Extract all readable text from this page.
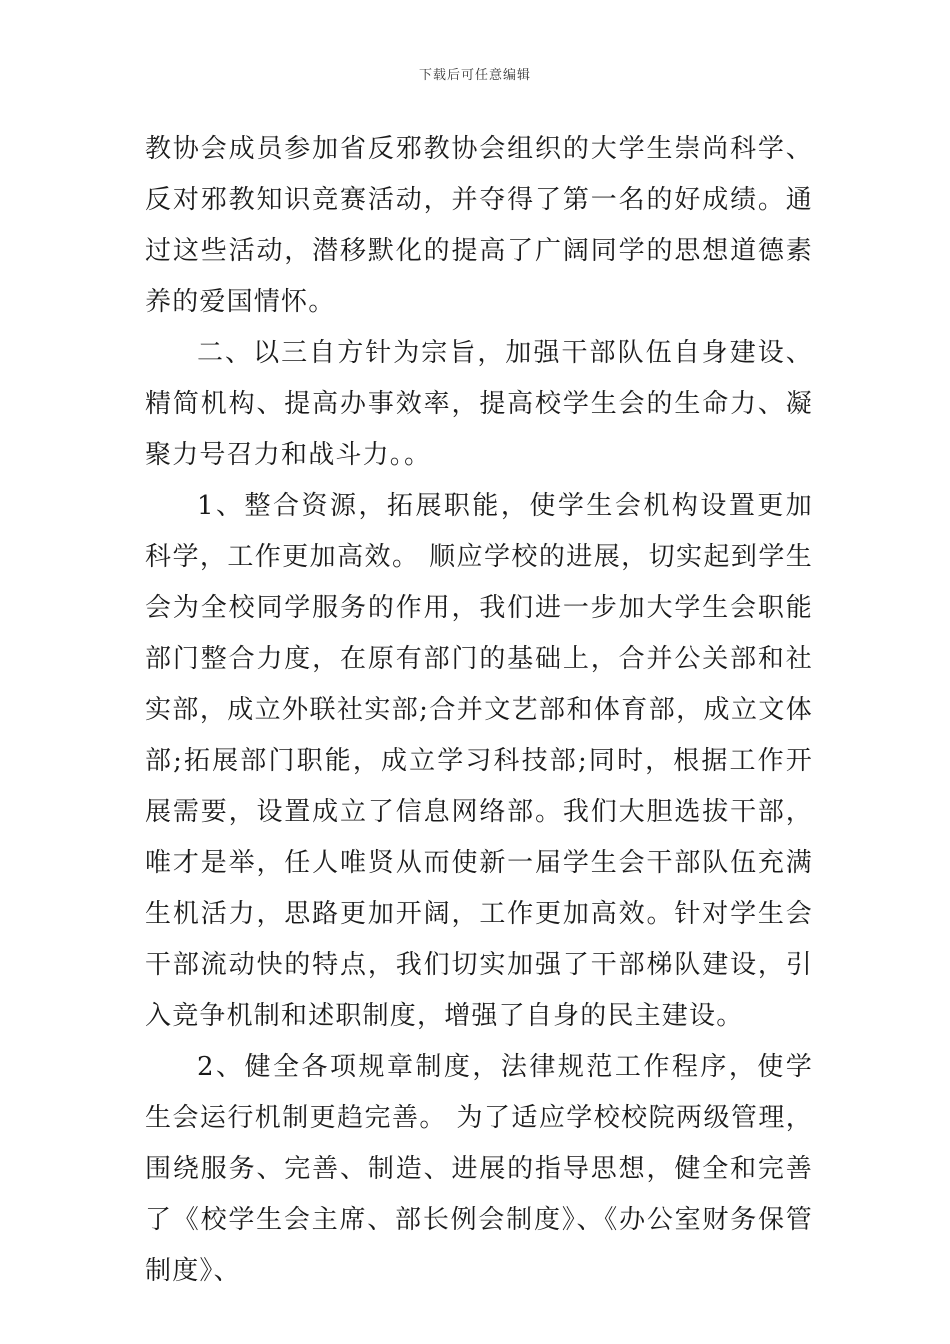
下载后可任意编辑

教协会成员参加省反邪教协会组织的大学生崇尚科学、反对邪教知识竞赛活动，并夺得了第一名的好成绩。通过这些活动，潜移默化的提高了广阔同学的思想道德素养的爱国情怀。

二、以三自方针为宗旨，加强干部队伍自身建设、精简机构、提高办事效率，提高校学生会的生命力、凝聚力号召力和战斗力。。

1、整合资源，拓展职能，使学生会机构设置更加科学，工作更加高效。 顺应学校的进展，切实起到学生会为全校同学服务的作用，我们进一步加大学生会职能部门整合力度，在原有部门的基础上，合并公关部和社实部，成立外联社实部;合并文艺部和体育部，成立文体部;拓展部门职能，成立学习科技部;同时，根据工作开展需要，设置成立了信息网络部。我们大胆选拔干部，唯才是举，任人唯贤从而使新一届学生会干部队伍充满生机活力，思路更加开阔，工作更加高效。针对学生会干部流动快的特点，我们切实加强了干部梯队建设，引入竞争机制和述职制度，增强了自身的民主建设。

2、健全各项规章制度，法律规范工作程序，使学生会运行机制更趋完善。 为了适应学校校院两级管理，围绕服务、完善、制造、进展的指导思想，健全和完善了《校学生会主席、部长例会制度》、《办公室财务保管制度》、
